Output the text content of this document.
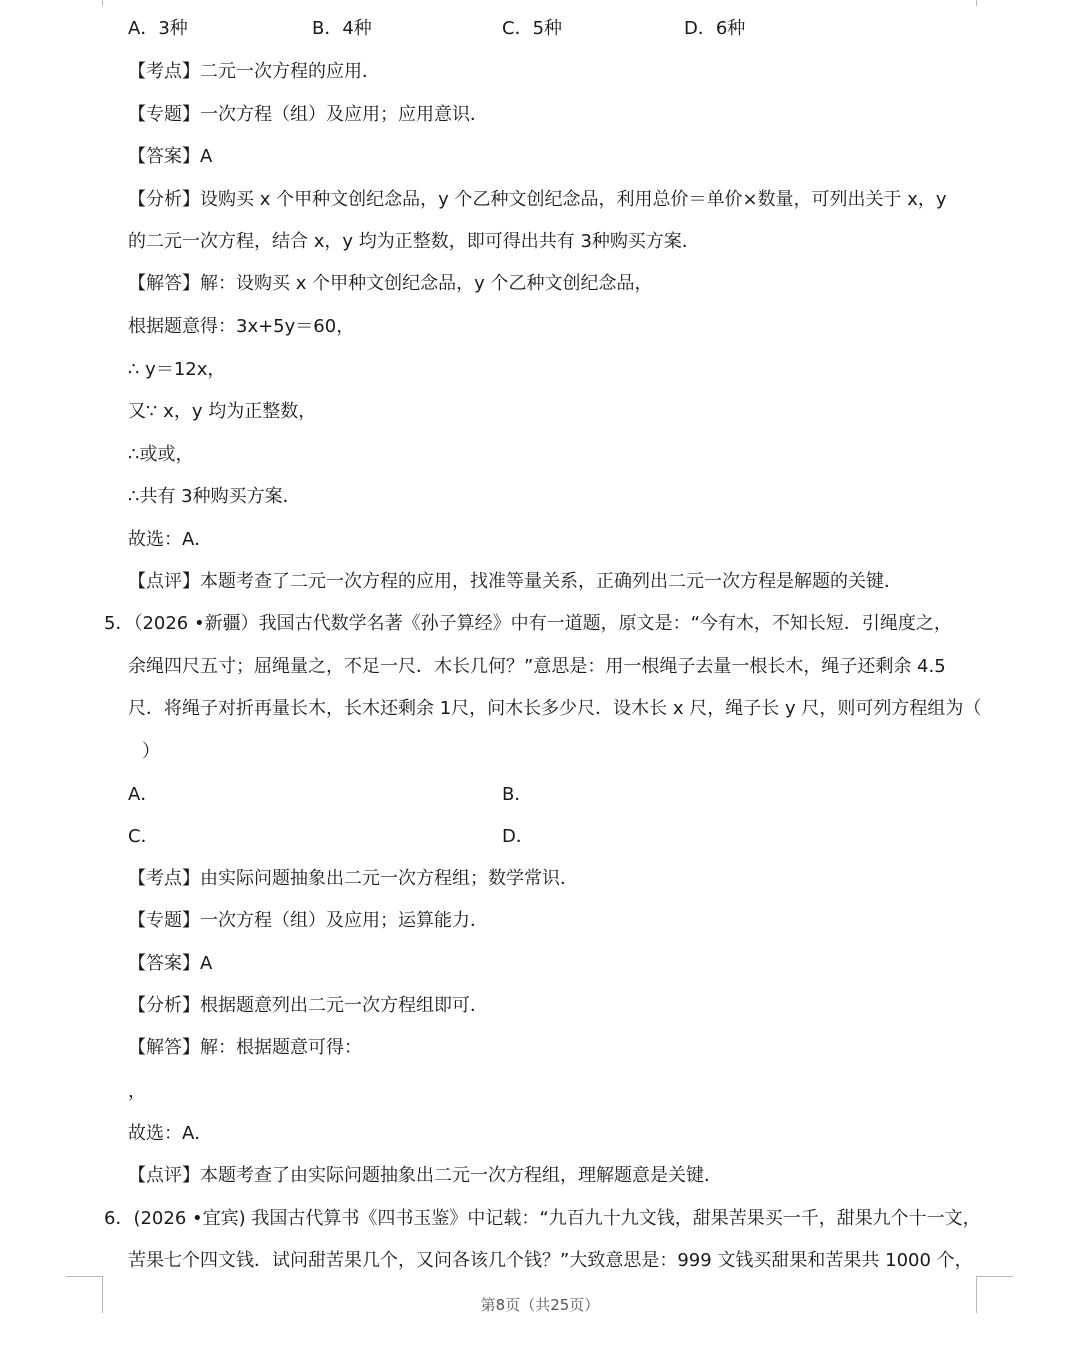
A．3种	B．4种	C．5种	D．6种
【考点】二元一次方程的应用．
【专题】一次方程（组）及应用；应用意识．
【答案】A
【分析】设购买 x 个甲种文创纪念品，y 个乙种文创纪念品，利用总价＝单价×数量，可列出关于 x，y
的二元一次方程，结合 x，y 均为正整数，即可得出共有 3种购买方案．
【解答】解：设购买 x 个甲种文创纪念品，y 个乙种文创纪念品，
根据题意得：3x+5y＝60，
∴ y＝12x，
又∵ x，y 均为正整数，
∴或或，
∴共有 3种购买方案．
故选：A．
【点评】本题考查了二元一次方程的应用，找准等量关系，正确列出二元一次方程是解题的关键．
5．（2026 •新疆）我国古代数学名著《孙子算经》中有一道题，原文是：“今有木，不知长短．引绳度之，
余绳四尺五寸；屈绳量之，不足一尺．木长几何？”意思是：用一根绳子去量一根长木，绳子还剩余 4.5
尺．将绳子对折再量长木，长木还剩余 1尺，问木长多少尺．设木长 x 尺，绳子长 y 尺，则可列方程组为（
）
A．	B．
C．	D．
【考点】由实际问题抽象出二元一次方程组；数学常识．
【专题】一次方程（组）及应用；运算能力．
【答案】A
【分析】根据题意列出二元一次方程组即可．
【解答】解：根据题意可得：
，
故选：A．
【点评】本题考查了由实际问题抽象出二元一次方程组，理解题意是关键．
6．(2026 •宜宾) 我国古代算书《四书玉鉴》中记载：“九百九十九文钱，甜果苦果买一千，甜果九个十一文，
苦果七个四文钱．试问甜苦果几个，又问各该几个钱？”大致意思是：999 文钱买甜果和苦果共 1000 个，
第8页（共25页）
